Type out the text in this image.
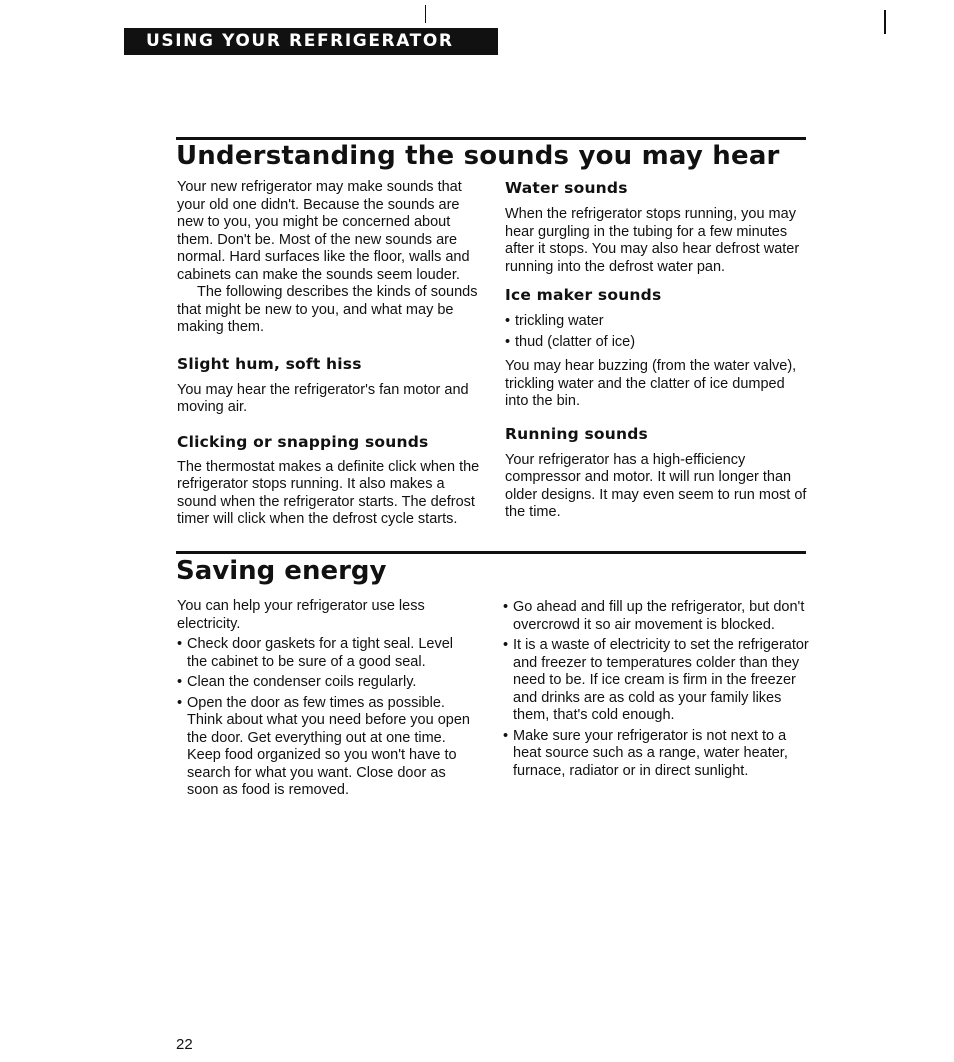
USING YOUR REFRIGERATOR
Understanding the sounds you may hear

Your new refrigerator may make sounds that your old one didn't. Because the sounds are new to you, you might be concerned about them. Don't be. Most of the new sounds are normal. Hard surfaces like the floor, walls and cabinets can make the sounds seem louder.

The following describes the kinds of sounds that might be new to you, and what may be making them.

Slight hum, soft hiss

You may hear the refrigerator's fan motor and moving air.

Clicking or snapping sounds

The thermostat makes a definite click when the refrigerator stops running. It also makes a sound when the refrigerator starts. The defrost timer will click when the defrost cycle starts.

Water sounds

When the refrigerator stops running, you may hear gurgling in the tubing for a few minutes after it stops. You may also hear defrost water running into the defrost water pan.

Ice maker sounds
• trickling water
• thud (clatter of ice)

You may hear buzzing (from the water valve), trickling water and the clatter of ice dumped into the bin.

Running sounds

Your refrigerator has a high-efficiency compressor and motor. It will run longer than older designs. It may even seem to run most of the time.

Saving energy

You can help your refrigerator use less electricity.

• Check door gaskets for a tight seal. Level the cabinet to be sure of a good seal.
• Clean the condenser coils regularly.
• Open the door as few times as possible. Think about what you need before you open the door. Get everything out at one time. Keep food organized so you won't have to search for what you want. Close door as soon as food is removed.
• Go ahead and fill up the refrigerator, but don't overcrowd it so air movement is blocked.
• It is a waste of electricity to set the refrigerator and freezer to temperatures colder than they need to be. If ice cream is firm in the freezer and drinks are as cold as your family likes them, that's cold enough.
• Make sure your refrigerator is not next to a heat source such as a range, water heater, furnace, radiator or in direct sunlight.
22
